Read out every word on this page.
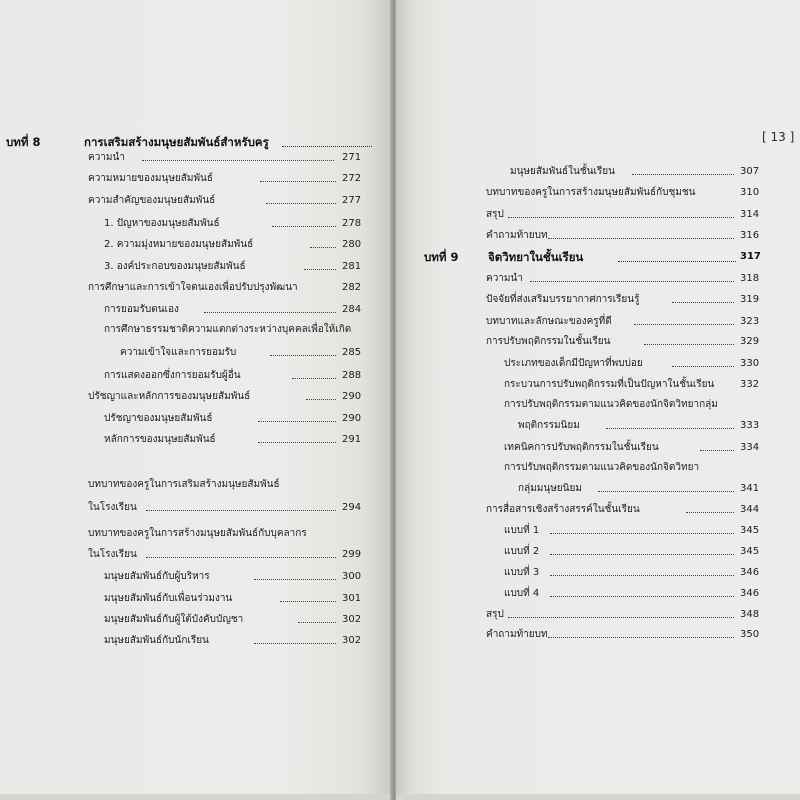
บทที่ 8	การเสริมสร้างมนุษยสัมพันธ์สำหรับครู
ความนำ	271
ความหมายของมนุษยสัมพันธ์	272
ความสำคัญของมนุษยสัมพันธ์	277
1. ปัญหาของมนุษยสัมพันธ์	278
2. ความมุ่งหมายของมนุษยสัมพันธ์	280
3. องค์ประกอบของมนุษยสัมพันธ์	281
การศึกษาและการเข้าใจตนเองเพื่อปรับปรุงพัฒนา	282
การยอมรับตนเอง	284
การศึกษาธรรมชาติความแตกต่างระหว่างบุคคลเพื่อให้เกิด
ความเข้าใจและการยอมรับ	285
การแสดงออกซึ่งการยอมรับผู้อื่น	288
ปรัชญาและหลักการของมนุษยสัมพันธ์	290
ปรัชญาของมนุษยสัมพันธ์	290
หลักการของมนุษยสัมพันธ์	291
บทบาทของครูในการเสริมสร้างมนุษยสัมพันธ์
ในโรงเรียน	294
บทบาทของครูในการสร้างมนุษยสัมพันธ์กับบุคลากร
ในโรงเรียน	299
มนุษยสัมพันธ์กับผู้บริหาร	300
มนุษยสัมพันธ์กับเพื่อนร่วมงาน	301
มนุษยสัมพันธ์กับผู้ใต้บังคับบัญชา	302
มนุษยสัมพันธ์กับนักเรียน	302
[ 13 ]
มนุษยสัมพันธ์ในชั้นเรียน	307
บทบาทของครูในการสร้างมนุษยสัมพันธ์กับชุมชน	310
สรุป	314
คำถามท้ายบท	316
บทที่ 9	จิตวิทยาในชั้นเรียน	317
ความนำ	318
ปัจจัยที่ส่งเสริมบรรยากาศการเรียนรู้	319
บทบาทและลักษณะของครูที่ดี	323
การปรับพฤติกรรมในชั้นเรียน	329
ประเภทของเด็กมีปัญหาที่พบบ่อย	330
กระบวนการปรับพฤติกรรมที่เป็นปัญหาในชั้นเรียน	332
การปรับพฤติกรรมตามแนวคิดของนักจิตวิทยากลุ่ม
พฤติกรรมนิยม	333
เทคนิคการปรับพฤติกรรมในชั้นเรียน	334
การปรับพฤติกรรมตามแนวคิดของนักจิตวิทยา
กลุ่มมนุษยนิยม	341
การสื่อสารเชิงสร้างสรรค์ในชั้นเรียน	344
แบบที่ 1	345
แบบที่ 2	345
แบบที่ 3	346
แบบที่ 4	346
สรุป	348
คำถามท้ายบท	350
